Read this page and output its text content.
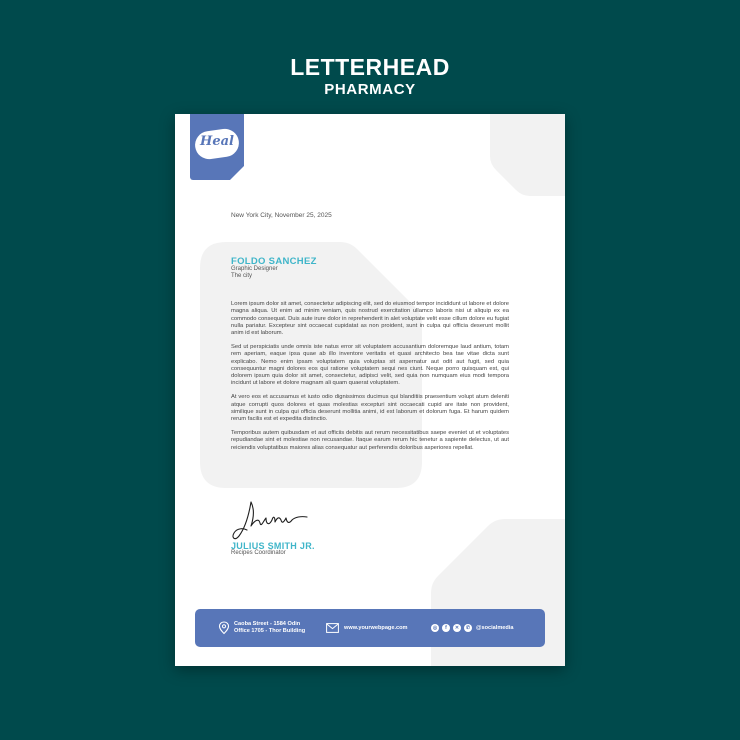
LETTERHEAD
PHARMACY
Heal
New York City, November 25, 2025
FOLDO SANCHEZ
Graphic Designer
The city

Lorem ipsum dolor sit amet, consectetur adipiscing elit, sed do eiusmod tempor incididunt ut labore et dolore magna aliqua. Ut enim ad minim veniam, quis nostrud exercitation ullamco laboris nisi ut aliquip ex ea commodo consequat. Duis aute irure dolor in reprehenderit in alet voluptate velit esse cillum dolore eu fugiat nulla pariatur. Excepteur sint occaecat cupidatat as non proident, sunt in culpa qui officia deserunt mollit anim id est laborum.

Sed ut perspiciatis unde omnis iste natus error sit voluptatem accusantium doloremque laud antium, totam rem aperiam, eaque ipsa quae ab illo inventore veritatis et quasi architecto bea tae vitae dicta sunt explicabo. Nemo enim ipsam voluptatem quia voluptas sit aspernatur aut odit aut fugit, sed quia consequuntur magni dolores eos qui ratione voluptatem sequi nes ciunt. Neque porro quisquam est, qui dolorem ipsum quia dolor sit amet, consectetur, adipisci velit, sed quia non numquam eius modi tempora incidunt ut labore et dolore magnam ali quam quaerat voluptatem.

At vero eos et accusamus et iusto odio dignissimos ducimus qui blanditiis praesentium volupt atum deleniti atque corrupti quos dolores et quas molestias excepturi sint occaecati cupid are itate non provident, similique sunt in culpa qui officia deserunt mollitia animi, id est laborum et dolorum fuga. Et harum quidem rerum facilis est et expedita distinctio.

Temporibus autem quibusdam et aut officiis debitis aut rerum necessitatibus saepe eveniet ut et voluptates repudiandae sint et molestiae non recusandae. Itaque earum rerum hic tenetur a sapiente delectus, ut aut reiciendis voluptatibus maiores alias consequatur aut perferendis doloribus asperiores repellat.

JULIUS SMITH JR.
Recipes Coordinator
Caoba Street - 1584 Odin
Office 1705 - Thor Building
www.yourwebpage.com	◎	f	✕	✆	@socialmedia
